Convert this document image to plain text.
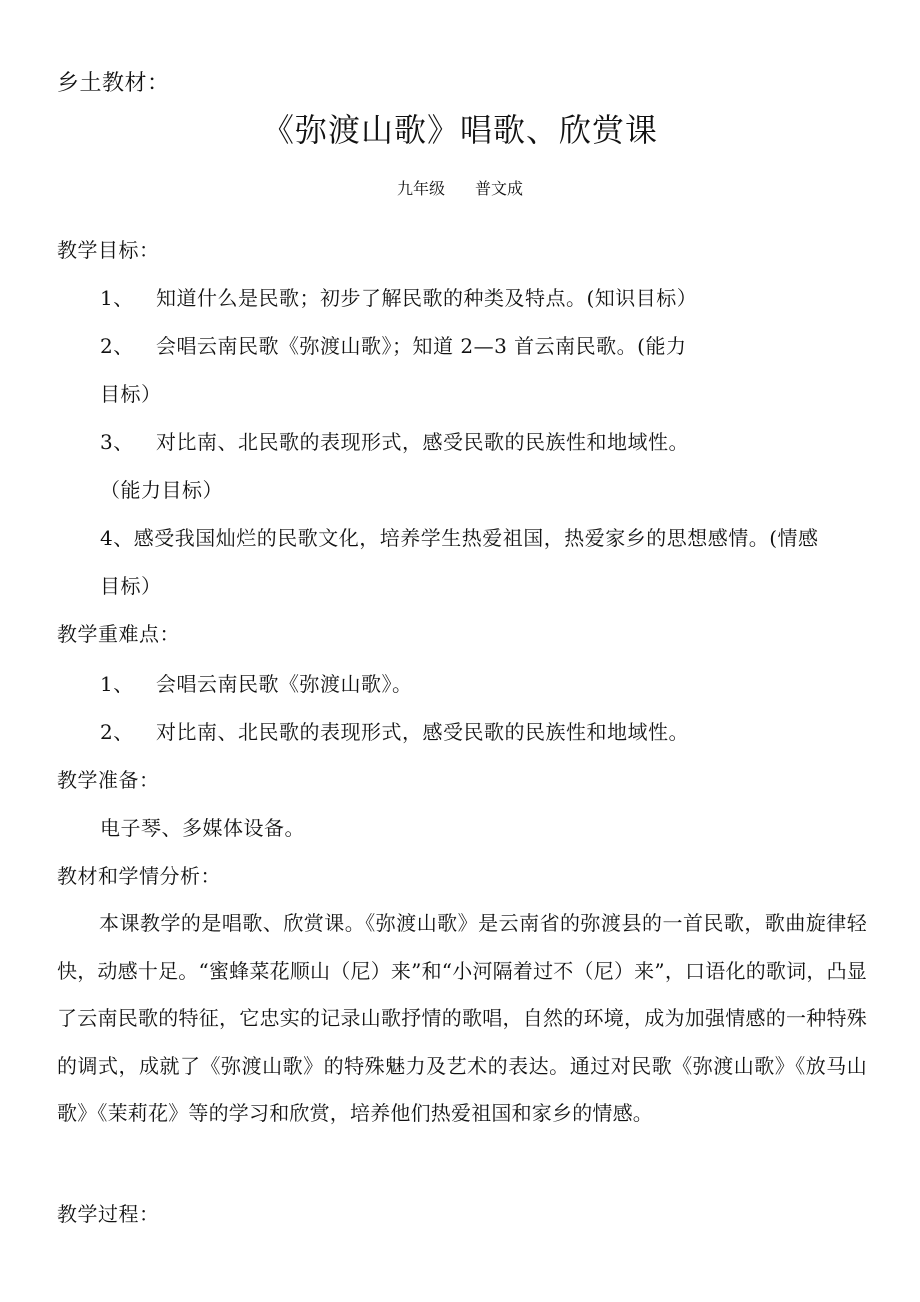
乡土教材：
《弥渡山歌》唱歌、欣赏课
九年级 普文成
教学目标：
1、 知道什么是民歌；初步了解民歌的种类及特点。(知识目标）
2、 会唱云南民歌《弥渡山歌》；知道 2—3 首云南民歌。(能力
目标）
3、 对比南、北民歌的表现形式，感受民歌的民族性和地域性。
（能力目标）
4、感受我国灿烂的民歌文化，培养学生热爱祖国，热爱家乡的思想感情。(情感
目标）
教学重难点：
1、 会唱云南民歌《弥渡山歌》。
2、 对比南、北民歌的表现形式，感受民歌的民族性和地域性。
教学准备：
电子琴、多媒体设备。
教材和学情分析：
本课教学的是唱歌、欣赏课。《弥渡山歌》是云南省的弥渡县的一首民歌，歌曲旋律轻快，动感十足。“蜜蜂菜花顺山（尼）来”和“小河隔着过不（尼）来”，口语化的歌词，凸显了云南民歌的特征，它忠实的记录山歌抒情的歌唱，自然的环境，成为加强情感的一种特殊的调式，成就了《弥渡山歌》的特殊魅力及艺术的表达。通过对民歌《弥渡山歌》《放马山歌》《茉莉花》等的学习和欣赏，培养他们热爱祖国和家乡的情感。
教学过程：
